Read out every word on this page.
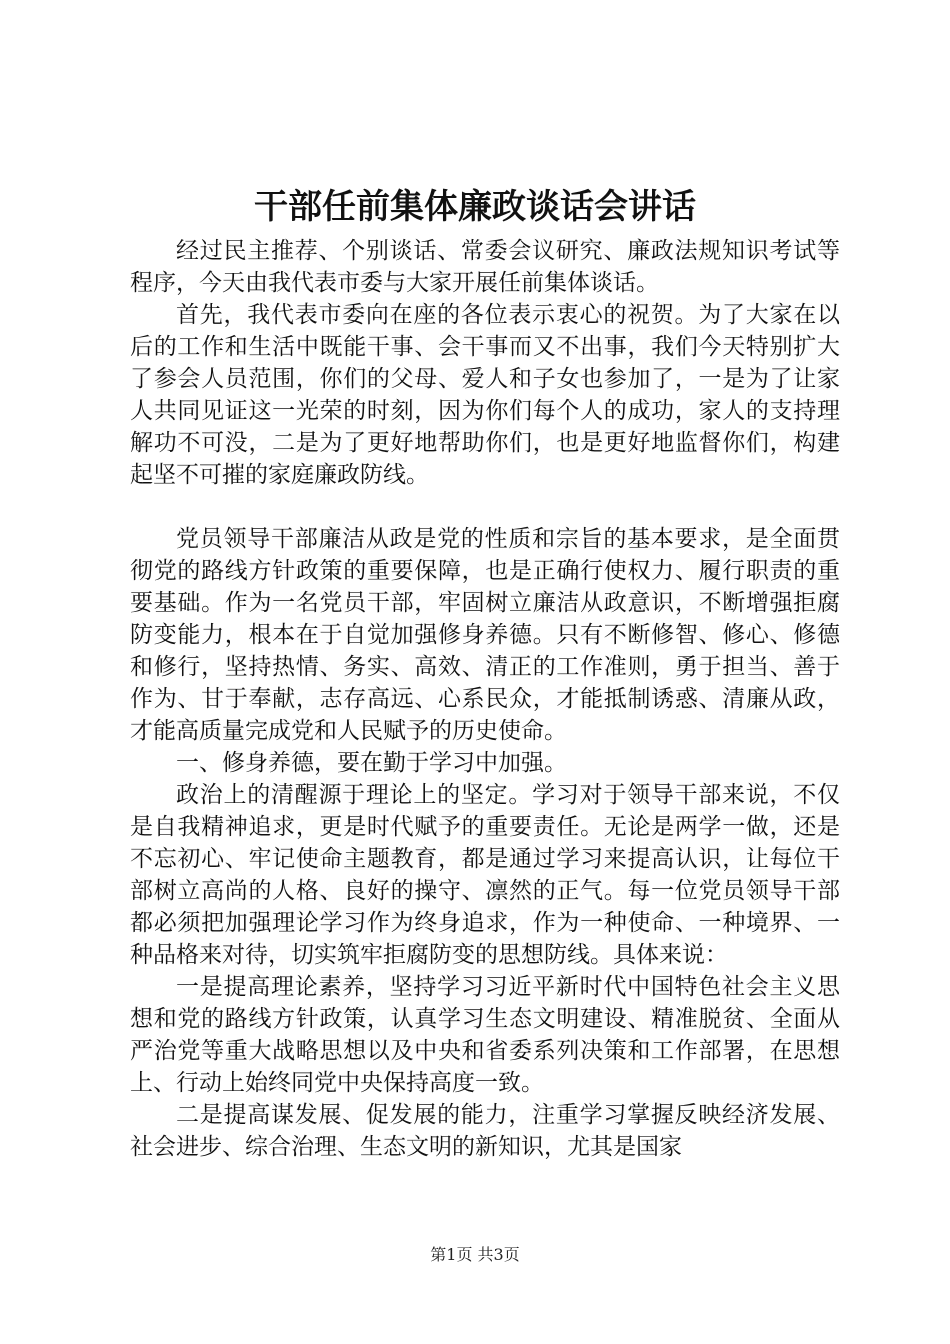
干部任前集体廉政谈话会讲话

经过民主推荐、个别谈话、常委会议研究、廉政法规知识考试等程序，今天由我代表市委与大家开展任前集体谈话。

首先，我代表市委向在座的各位表示衷心的祝贺。为了大家在以后的工作和生活中既能干事、会干事而又不出事，我们今天特别扩大了参会人员范围，你们的父母、爱人和子女也参加了，一是为了让家人共同见证这一光荣的时刻，因为你们每个人的成功，家人的支持理解功不可没，二是为了更好地帮助你们，也是更好地监督你们，构建起坚不可摧的家庭廉政防线。

党员领导干部廉洁从政是党的性质和宗旨的基本要求，是全面贯彻党的路线方针政策的重要保障，也是正确行使权力、履行职责的重要基础。作为一名党员干部，牢固树立廉洁从政意识，不断增强拒腐防变能力，根本在于自觉加强修身养德。只有不断修智、修心、修德和修行，坚持热情、务实、高效、清正的工作准则，勇于担当、善于作为、甘于奉献，志存高远、心系民众，才能抵制诱惑、清廉从政，才能高质量完成党和人民赋予的历史使命。

一、修身养德，要在勤于学习中加强。

政治上的清醒源于理论上的坚定。学习对于领导干部来说，不仅是自我精神追求，更是时代赋予的重要责任。无论是两学一做，还是不忘初心、牢记使命主题教育，都是通过学习来提高认识，让每位干部树立高尚的人格、良好的操守、凛然的正气。每一位党员领导干部都必须把加强理论学习作为终身追求，作为一种使命、一种境界、一种品格来对待，切实筑牢拒腐防变的思想防线。具体来说：

一是提高理论素养，坚持学习习近平新时代中国特色社会主义思想和党的路线方针政策，认真学习生态文明建设、精准脱贫、全面从严治党等重大战略思想以及中央和省委系列决策和工作部署，在思想上、行动上始终同党中央保持高度一致。

二是提高谋发展、促发展的能力，注重学习掌握反映经济发展、社会进步、综合治理、生态文明的新知识，尤其是国家

第1页 共3页
